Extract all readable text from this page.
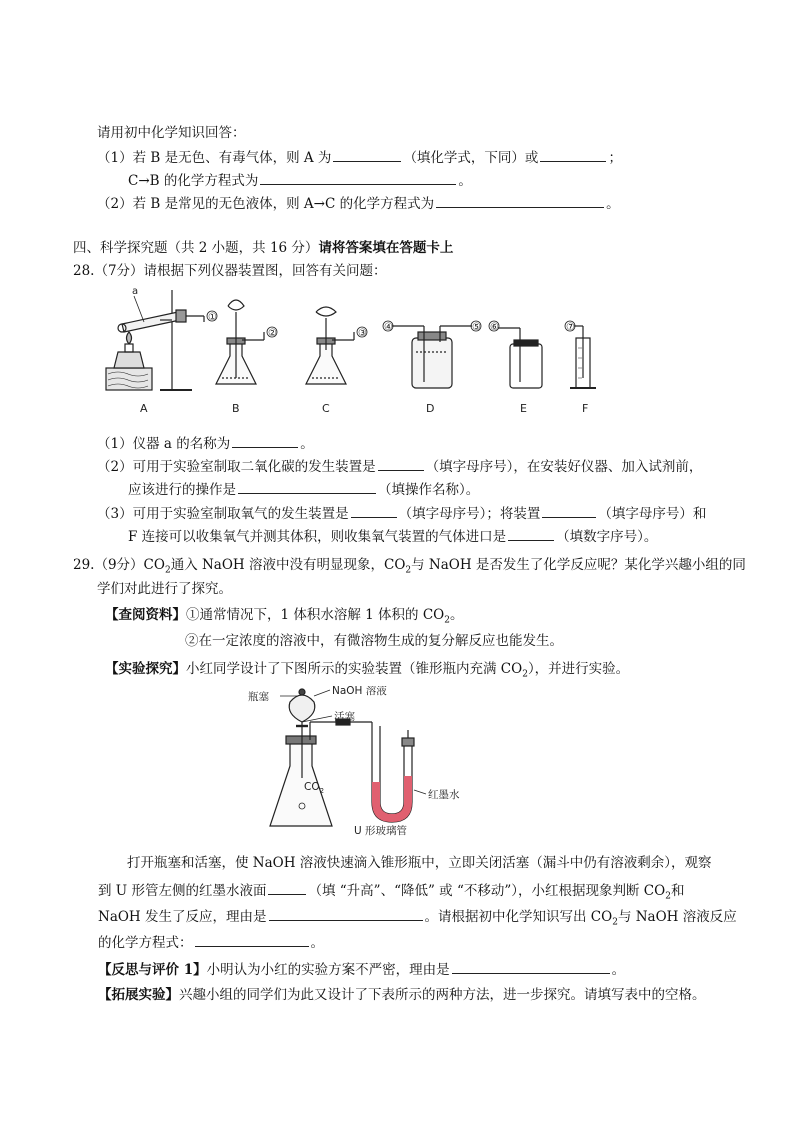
请用初中化学知识回答：
（1）若 B 是无色、有毒气体，则 A 为	（填化学式，下同）或	；
C→B 的化学方程式为	。
（2）若 B 是常见的无色液体，则 A→C 的化学方程式为	。
四、科学探究题（共 2 小题，共 16 分）请将答案填在答题卡上
28.（7分）请根据下列仪器装置图，回答有关问题：
a
①
②	③
④	⑤ ⑥	⑦
A	B	C	D	E	F
（1）仪器 a 的名称为	。
（2）可用于实验室制取二氧化碳的发生装置是	（填字母序号），在安装好仪器、加入试剂前，
应该进行的操作是	（填操作名称）。
（3）可用于实验室制取氧气的发生装置是	（填字母序号）；将装置	（填字母序号）和
F 连接可以收集氧气并测其体积，则收集氧气装置的气体进口是	（填数字序号）。
29.（9分）$CO_2$通入 NaOH 溶液中没有明显现象，$CO_2$与 NaOH 是否发生了化学反应呢？某化学兴趣小组的同
学们对此进行了探究。
【查阅资料】①通常情况下，1 体积水溶解 1 体积的 $CO_2$。
②在一定浓度的溶液中，有微溶物生成的复分解反应也能发生。
【实验探究】小红同学设计了下图所示的实验装置（锥形瓶内充满 $CO_2$），并进行实验。
瓶塞	NaOH 溶液
活塞
$CO_2$	红墨水
U 形玻璃管
打开瓶塞和活塞，使 NaOH 溶液快速滴入锥形瓶中，立即关闭活塞（漏斗中仍有溶液剩余），观察
到 U 形管左侧的红墨水液面	（填 “升高”、“降低” 或 “不移动”），小红根据现象判断 $CO_2$和
NaOH 发生了反应，理由是	。请根据初中化学知识写出 $CO_2$与 NaOH 溶液反应
的化学方程式：	。
【反思与评价 1】小明认为小红的实验方案不严密，理由是	。
【拓展实验】兴趣小组的同学们为此又设计了下表所示的两种方法，进一步探究。请填写表中的空格。
